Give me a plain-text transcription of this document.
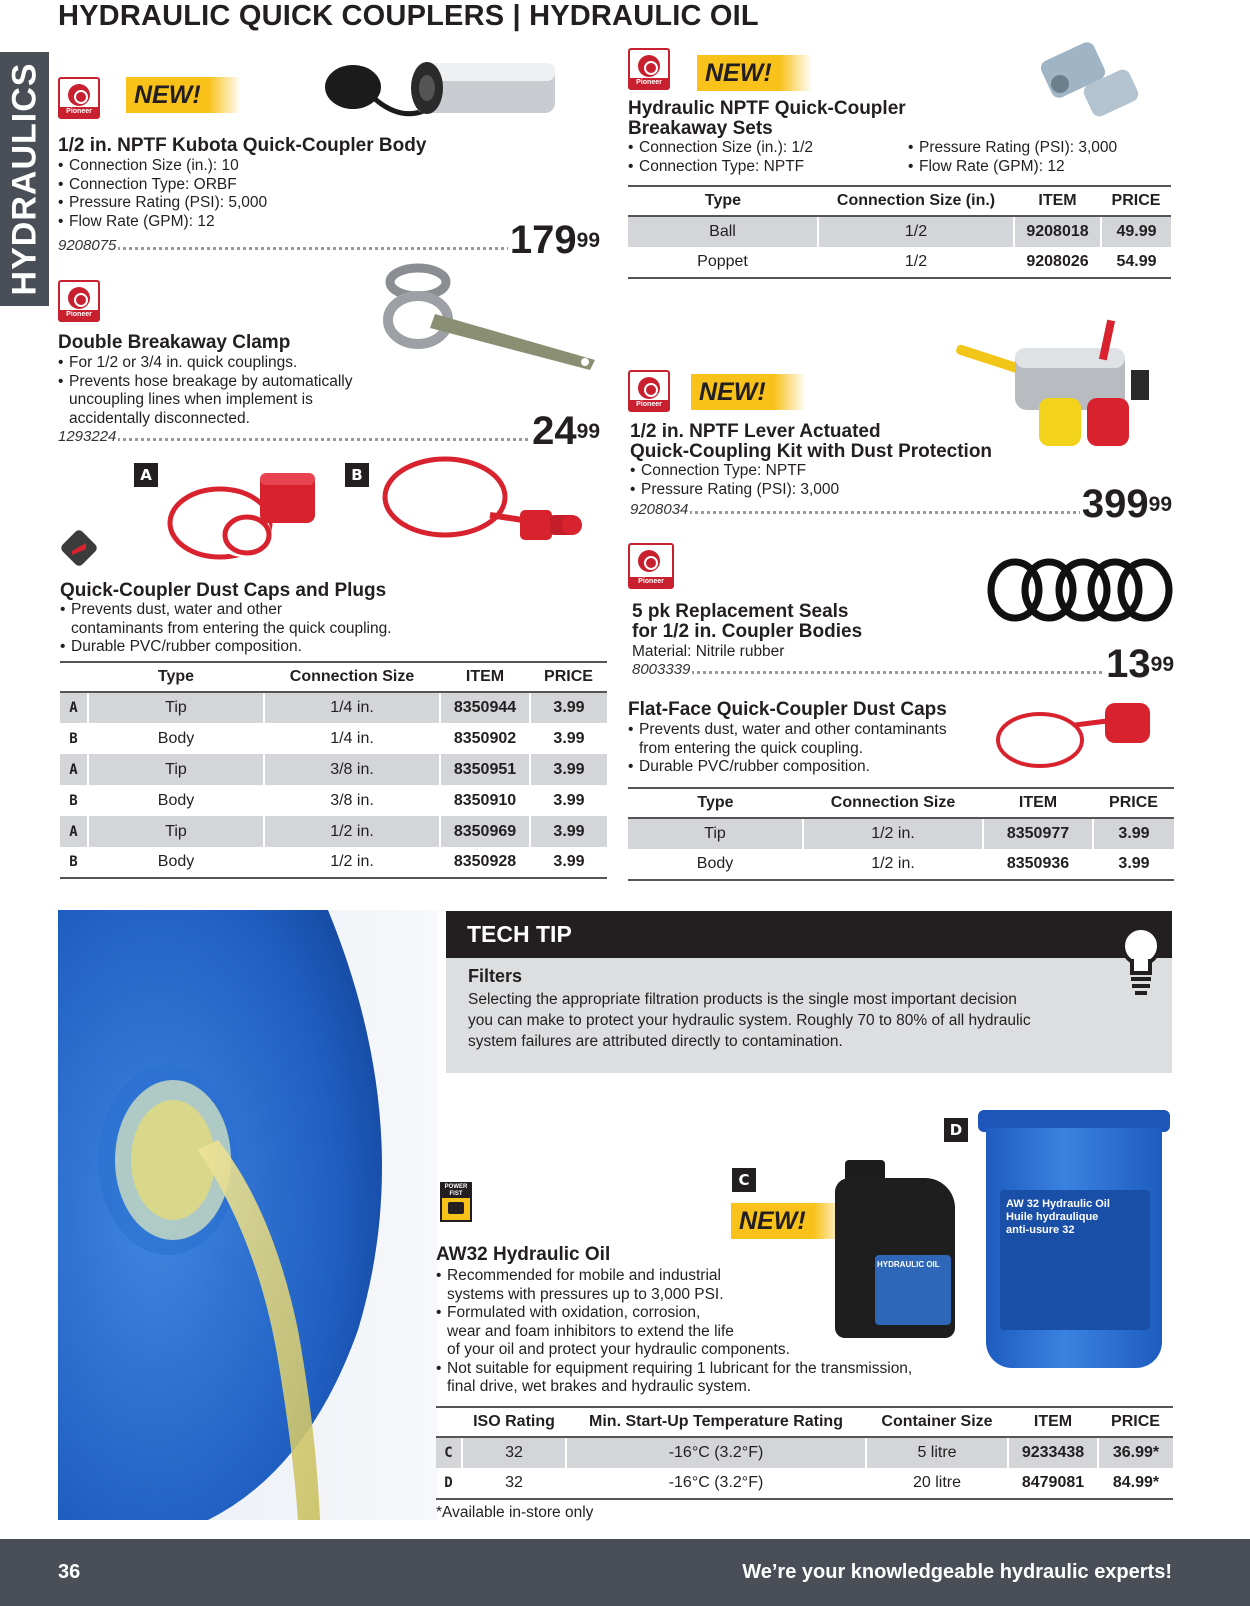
HYDRAULIC QUICK COUPLERS | HYDRAULIC OIL
HYDRAULICS	Pioneer
NEW!
1/2 in. NPTF Kubota Quick-Coupler Body
• Connection Size (in.): 10
• Connection Type: ORBF
• Pressure Rating (PSI): 5,000
• Flow Rate (GPM): 12
9208075	$179^{99}$
Pioneer
Double Breakaway Clamp
• For 1/2 or 3/4 in. quick couplings.
• Prevents hose breakage by automatically
uncoupling lines when implement is
accidentally disconnected.
1293224	$24^{99}$
A	B
Quick-Coupler Dust Caps and Plugs
• Prevents dust, water and other
contaminants from entering the quick coupling.
• Durable PVC/rubber composition.
	Type	Connection Size	ITEM	PRICE
A	Tip	1/4 in.	8350944	3.99
B	Body	1/4 in.	8350902	3.99
A	Tip	3/8 in.	8350951	3.99
B	Body	3/8 in.	8350910	3.99
A	Tip	1/2 in.	8350969	3.99
B	Body	1/2 in.	8350928	3.99
Pioneer	NEW!
Hydraulic NPTF Quick-Coupler
Breakaway Sets
• Connection Size (in.): 1/2
• Connection Type: NPTF
• Pressure Rating (PSI): 3,000
• Flow Rate (GPM): 12
Type	Connection Size (in.)	ITEM	PRICE
Ball	1/2	9208018	49.99
Poppet	1/2	9208026	54.99
Pioneer	NEW!
1/2 in. NPTF Lever Actuated
Quick-Coupling Kit with Dust Protection
• Connection Type: NPTF
• Pressure Rating (PSI): 3,000
9208034	$399^{99}$
Pioneer
5 pk Replacement Seals
for 1/2 in. Coupler Bodies
Material: Nitrile rubber
8003339	$13^{99}$
Flat-Face Quick-Coupler Dust Caps
• Prevents dust, water and other contaminants
from entering the quick coupling.
• Durable PVC/rubber composition.
Type	Connection Size	ITEM	PRICE
Tip	1/2 in.	8350977	3.99
Body	1/2 in.	8350936	3.99
TECH TIP
Filters
Selecting the appropriate filtration products is the single most important decision
you can make to protect your hydraulic system. Roughly 70 to 80% of all hydraulic
system failures are attributed directly to contamination.
POWER
FIST
D
C
NEW!
HYDRAULIC OIL
AW 32 Hydraulic Oil
Huile hydraulique
anti-usure 32
AW32 Hydraulic Oil
• Recommended for mobile and industrial
systems with pressures up to 3,000 PSI.
• Formulated with oxidation, corrosion,
wear and foam inhibitors to extend the life
of your oil and protect your hydraulic components.
• Not suitable for equipment requiring 1 lubricant for the transmission,
final drive, wet brakes and hydraulic system.
	ISO Rating	Min. Start-Up Temperature Rating	Container Size	ITEM	PRICE
C	32	-16°C (3.2°F)	5 litre	9233438	36.99*
D	32	-16°C (3.2°F)	20 litre	8479081	84.99*
*Available in-store only
36	We’re your knowledgeable hydraulic experts!
